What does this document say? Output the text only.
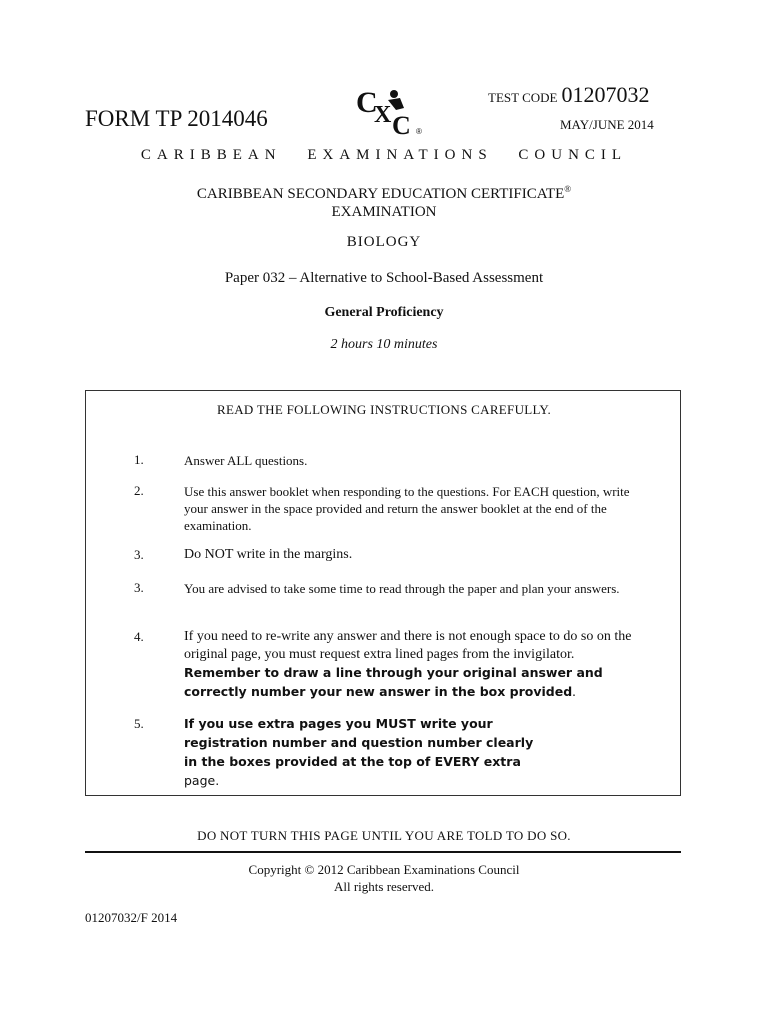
FORM TP 2014046	C
X C ®
TEST CODE 01207032
MAY/JUNE 2014
CARIBBEAN EXAMINATIONS COUNCIL
CARIBBEAN SECONDARY EDUCATION CERTIFICATE®
EXAMINATION
BIOLOGY
Paper 032 – Alternative to School-Based Assessment
General Proficiency
2 hours 10 minutes
READ THE FOLLOWING INSTRUCTIONS CAREFULLY.
1.	Answer ALL questions.
2.	Use this answer booklet when responding to the questions. For EACH question, write your answer in the space provided and return the answer booklet at the end of the examination.
3.	Do NOT write in the margins.
3.	You are advised to take some time to read through the paper and plan your answers.
4.	If you need to re-write any answer and there is not enough space to do so on the original page, you must request extra lined pages from the invigilator. Remember to draw a line through your original answer and correctly number your new answer in the box provided.
5.	If you use extra pages you MUST write your registration number and question number clearly in the boxes provided at the top of EVERY extra
page.
DO NOT TURN THIS PAGE UNTIL YOU ARE TOLD TO DO SO.
Copyright © 2012 Caribbean Examinations Council
All rights reserved.
01207032/F 2014
